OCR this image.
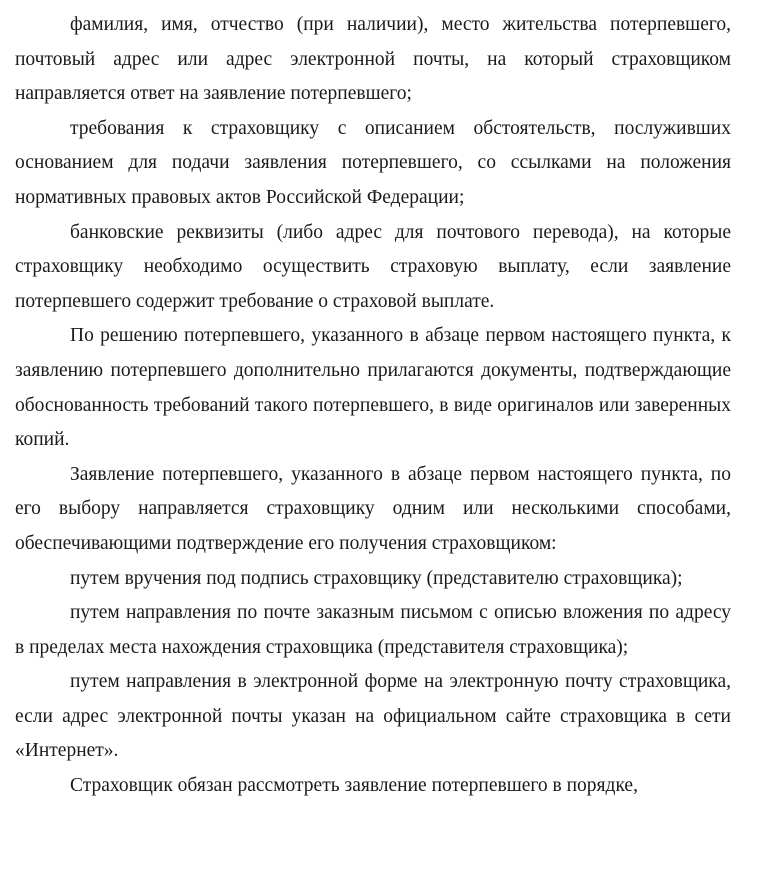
фамилия, имя, отчество (при наличии), место жительства потерпевшего, почтовый адрес или адрес электронной почты, на который страховщиком направляется ответ на заявление потерпевшего;

требования к страховщику с описанием обстоятельств, послуживших основанием для подачи заявления потерпевшего, со ссылками на положения нормативных правовых актов Российской Федерации;

банковские реквизиты (либо адрес для почтового перевода), на которые страховщику необходимо осуществить страховую выплату, если заявление потерпевшего содержит требование о страховой выплате.

По решению потерпевшего, указанного в абзаце первом настоящего пункта, к заявлению потерпевшего дополнительно прилагаются документы, подтверждающие обоснованность требований такого потерпевшего, в виде оригиналов или заверенных копий.

Заявление потерпевшего, указанного в абзаце первом настоящего пункта, по его выбору направляется страховщику одним или несколькими способами, обеспечивающими подтверждение его получения страховщиком:

путем вручения под подпись страховщику (представителю страховщика);

путем направления по почте заказным письмом с описью вложения по адресу в пределах места нахождения страховщика (представителя страховщика);

путем направления в электронной форме на электронную почту страховщика, если адрес электронной почты указан на официальном сайте страховщика в сети «Интернет».

Страховщик обязан рассмотреть заявление потерпевшего в порядке,
